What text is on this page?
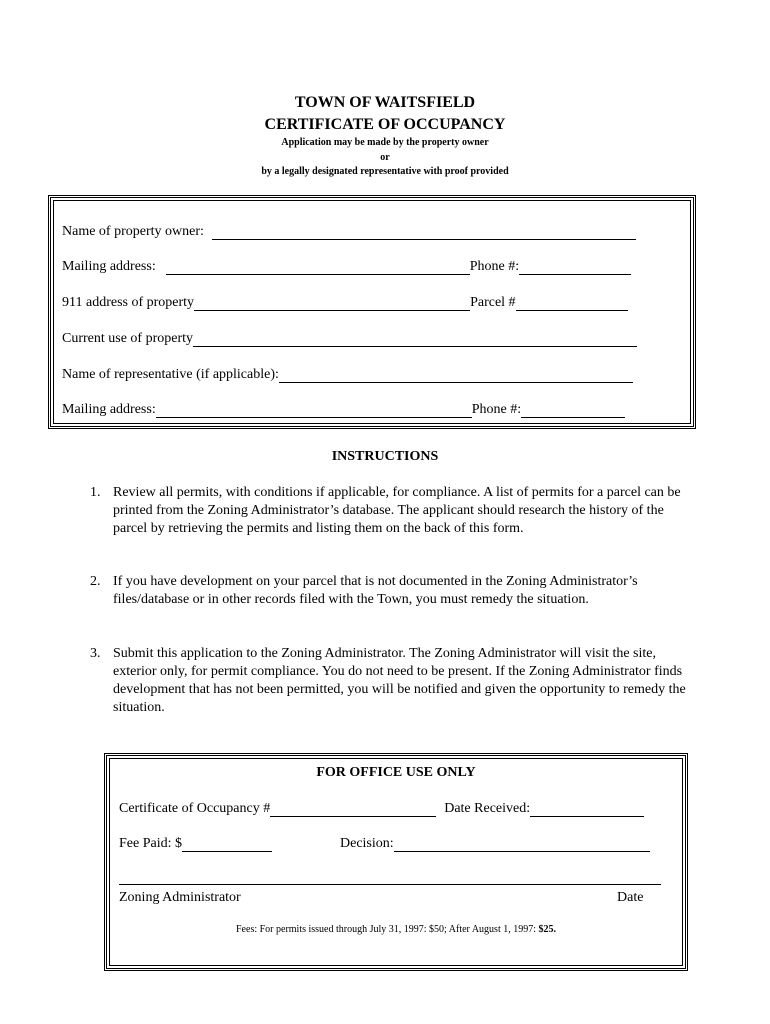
TOWN OF WAITSFIELD
CERTIFICATE OF OCCUPANCY
Application may be made by the property owner
or
by a legally designated representative with proof provided
Name of property owner:
Mailing address:	Phone #:
911 address of property	Parcel #
Current use of property
Name of representative (if applicable):
Mailing address:	Phone #:
INSTRUCTIONS
1. Review all permits, with conditions if applicable, for compliance. A list of permits for a parcel can be printed from the Zoning Administrator’s database. The applicant should research the history of the parcel by retrieving the permits and listing them on the back of this form.
2. If you have development on your parcel that is not documented in the Zoning Administrator’s files/database or in other records filed with the Town, you must remedy the situation.
3. Submit this application to the Zoning Administrator. The Zoning Administrator will visit the site, exterior only, for permit compliance. You do not need to be present. If the Zoning Administrator finds development that has not been permitted, you will be notified and given the opportunity to remedy the situation.
FOR OFFICE USE ONLY
Certificate of Occupancy #	Date Received:
Fee Paid: $	Decision:
Zoning Administrator	Date
Fees: For permits issued through July 31, 1997: $50; After August 1, 1997: $25.
